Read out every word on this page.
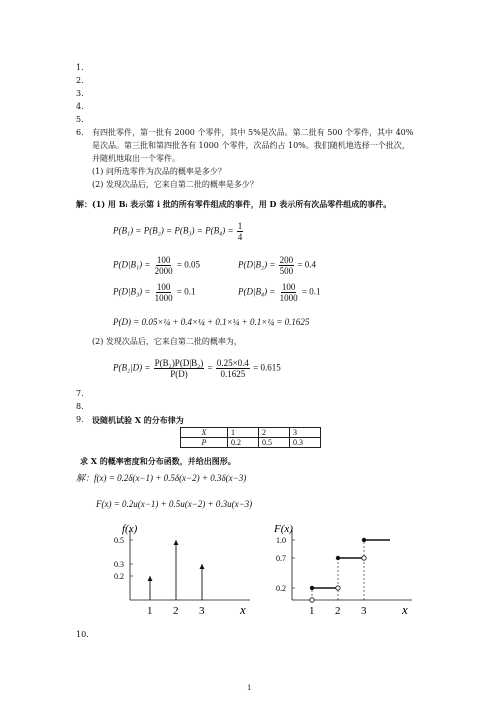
1.
2.
3.
4.
5.
6. 有四批零件，第一批有 2000 个零件，其中 5%是次品。第二批有 500 个零件，其中 40%
是次品。第三批和第四批各有 1000 个零件，次品约占 10%。我们随机地选择一个批次，
并随机地取出一个零件。
(1) 问所选零件为次品的概率是多少？
(2) 发现次品后，它来自第二批的概率是多少？
解：(1) 用 Bᵢ 表示第 i 批的所有零件组成的事件，用 D 表示所有次品零件组成的事件。
$P(B_1) = P(B_2) = P(B_3) = P(B_4) = \frac{1}{4}$
$P(D|B_1) = \frac{100}{2000} = 0.05$	$P(D|B_2) = \frac{200}{500} = 0.4$
$P(D|B_3) = \frac{100}{1000} = 0.1$	$P(D|B_4) = \frac{100}{1000} = 0.1$
P(D) = 0.05×¼ + 0.4×¼ + 0.1×¼ + 0.1×¼ = 0.1625
(2) 发现次品后，它来自第二批的概率为，
$P(B_2|D) = \frac{\text{P(B₂)P(D|B₂)}}{P(D)} = \frac{0.25\times 0.4}{0.1625} = 0.615$
7.
8.
9. 设随机试验 X 的分布律为
X	1	2	3
P	0.2	0.5	0.3
求 X 的概率密度和分布函数，并给出图形。
解：f(x) = 0.2δ(x−1) + 0.5δ(x−2) + 0.3δ(x−3)
F(x) = 0.2u(x−1) + 0.5u(x−2) + 0.3u(x−3)
f(x)
x
0.5
0.3
0.2
1 2 3
F(x)
x
1.0
0.7
0.2
1 2 3
10.
1
